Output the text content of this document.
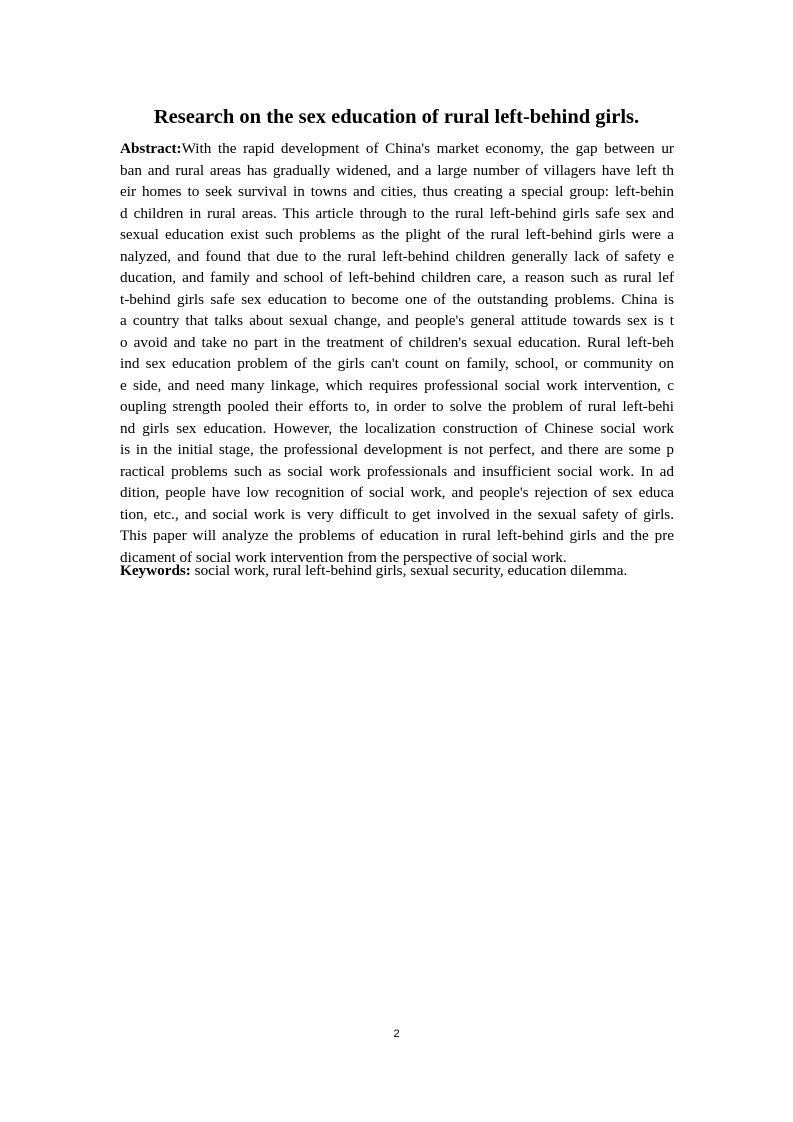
Research on the sex education of rural left-behind girls.
Abstract:With the rapid development of China's market economy, the gap between ur
ban and rural areas has gradually widened, and a large number of villagers have left th
eir homes to seek survival in towns and cities, thus creating a special group: left-behin
d children in rural areas. This article through to the rural left-behind girls safe sex and
sexual education exist such problems as the plight of the rural left-behind girls were a
nalyzed, and found that due to the rural left-behind children generally lack of safety e
ducation, and family and school of left-behind children care, a reason such as rural lef
t-behind girls safe sex education to become one of the outstanding problems. China is
a country that talks about sexual change, and people's general attitude towards sex is t
o avoid and take no part in the treatment of children's sexual education. Rural left-beh
ind sex education problem of the girls can't count on family, school, or community on
e side, and need many linkage, which requires professional social work intervention, c
oupling strength pooled their efforts to, in order to solve the problem of rural left-behi
nd girls sex education. However, the localization construction of Chinese social work
is in the initial stage, the professional development is not perfect, and there are some p
ractical problems such as social work professionals and insufficient social work. In ad
dition, people have low recognition of social work, and people's rejection of sex educa
tion, etc., and social work is very difficult to get involved in the sexual safety of girls.
This paper will analyze the problems of education in rural left-behind girls and the pre
dicament of social work intervention from the perspective of social work.

Keywords: social work, rural left-behind girls, sexual security, education dilemma.

2
